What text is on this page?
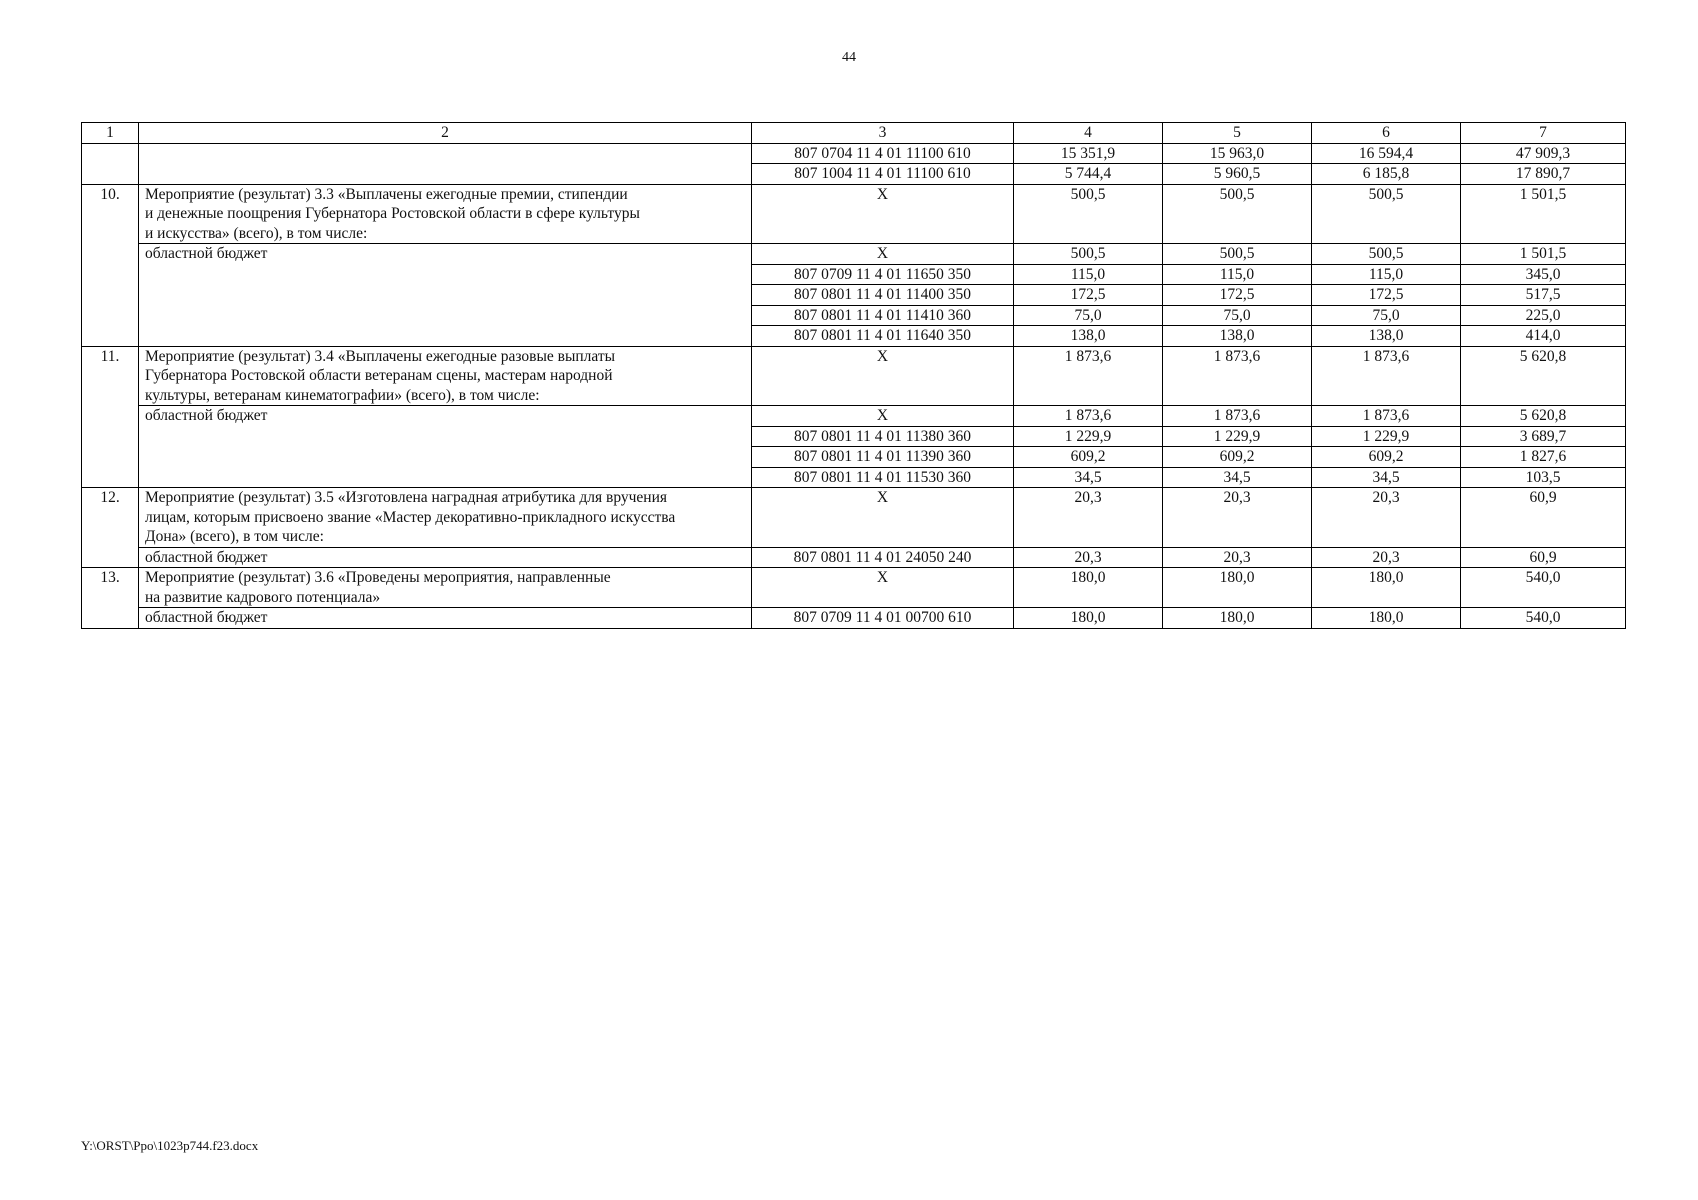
44
1	2	3	4	5	6	7
		807 0704 11 4 01 11100 610	15 351,9	15 963,0	16 594,4	47 909,3
		807 1004 11 4 01 11100 610	5 744,4	5 960,5	6 185,8	17 890,7
10.	Мероприятие (результат) 3.3 «Выплачены ежегодные премии, стипендии
и денежные поощрения Губернатора Ростовской области в сфере культуры
и искусства» (всего), в том числе:	Х	500,5	500,5	500,5	1 501,5
	областной бюджет	Х	500,5	500,5	500,5	1 501,5
		807 0709 11 4 01 11650 350	115,0	115,0	115,0	345,0
		807 0801 11 4 01 11400 350	172,5	172,5	172,5	517,5
		807 0801 11 4 01 11410 360	75,0	75,0	75,0	225,0
		807 0801 11 4 01 11640 350	138,0	138,0	138,0	414,0
11.	Мероприятие (результат) 3.4 «Выплачены ежегодные разовые выплаты
Губернатора Ростовской области ветеранам сцены, мастерам народной
культуры, ветеранам кинематографии» (всего), в том числе:	Х	1 873,6	1 873,6	1 873,6	5 620,8
	областной бюджет	Х	1 873,6	1 873,6	1 873,6	5 620,8
		807 0801 11 4 01 11380 360	1 229,9	1 229,9	1 229,9	3 689,7
		807 0801 11 4 01 11390 360	609,2	609,2	609,2	1 827,6
		807 0801 11 4 01 11530 360	34,5	34,5	34,5	103,5
12.	Мероприятие (результат) 3.5 «Изготовлена наградная атрибутика для вручения
лицам, которым присвоено звание «Мастер декоративно-прикладного искусства
Дона» (всего), в том числе:	Х	20,3	20,3	20,3	60,9
	областной бюджет	807 0801 11 4 01 24050 240	20,3	20,3	20,3	60,9
13.	Мероприятие (результат) 3.6 «Проведены мероприятия, направленные
на развитие кадрового потенциала»	Х	180,0	180,0	180,0	540,0
	областной бюджет	807 0709 11 4 01 00700 610	180,0	180,0	180,0	540,0
Y:\ORST\Ppo\1023p744.f23.docx
